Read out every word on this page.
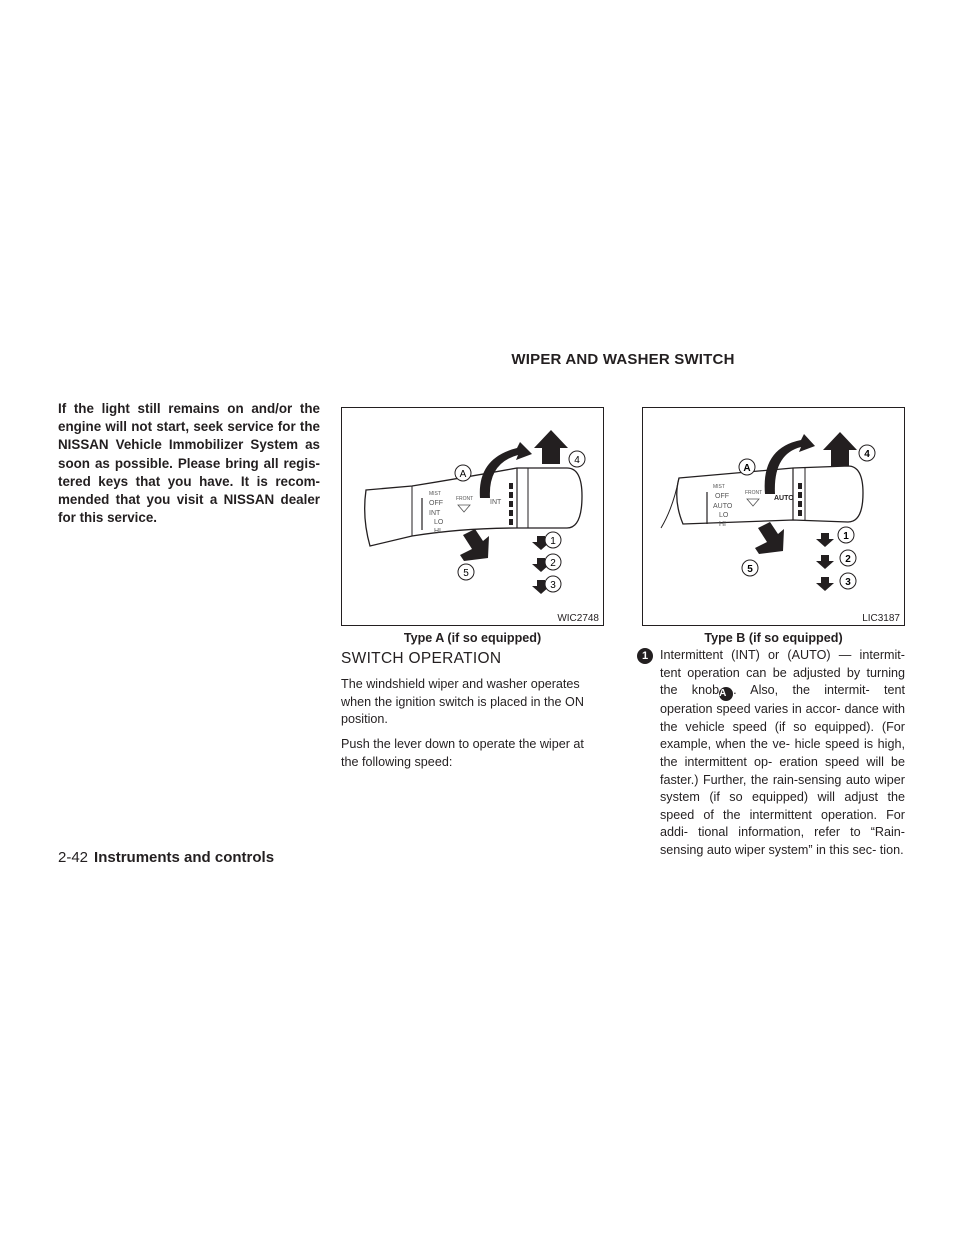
WIPER AND WASHER SWITCH
If the light still remains on and/or the engine will not start, seek service for the NISSAN Vehicle Immobilizer System as soon as possible. Please bring all regis- tered keys that you have. It is recom- mended that you visit a NISSAN dealer for this service.
MIST
OFF
INT
LO
HI
FRONT INT
A
1
2
3
4
5
WIC2748
Type A (if so equipped)
MIST
OFF
AUTO
LO
HI
FRONT
AUTO
A
1
2
3
4
5
LIC3187
Type B (if so equipped)
SWITCH OPERATION
The windshield wiper and washer operates when the ignition switch is placed in the ON position.
Push the lever down to operate the wiper at the following speed:
1 Intermittent (INT) or (AUTO) — intermit- tent operation can be adjusted by turning the knobA . Also, the intermit- tent operation speed varies in accor- dance with the vehicle speed (if so equipped). (For example, when the ve- hicle speed is high, the intermittent op- eration speed will be faster.) Further, the rain-sensing auto wiper system (if so equipped) will adjust the speed of the intermittent operation. For addi- tional information, refer to “Rain- sensing auto wiper system” in this sec- tion.
2-42 Instruments and controls
